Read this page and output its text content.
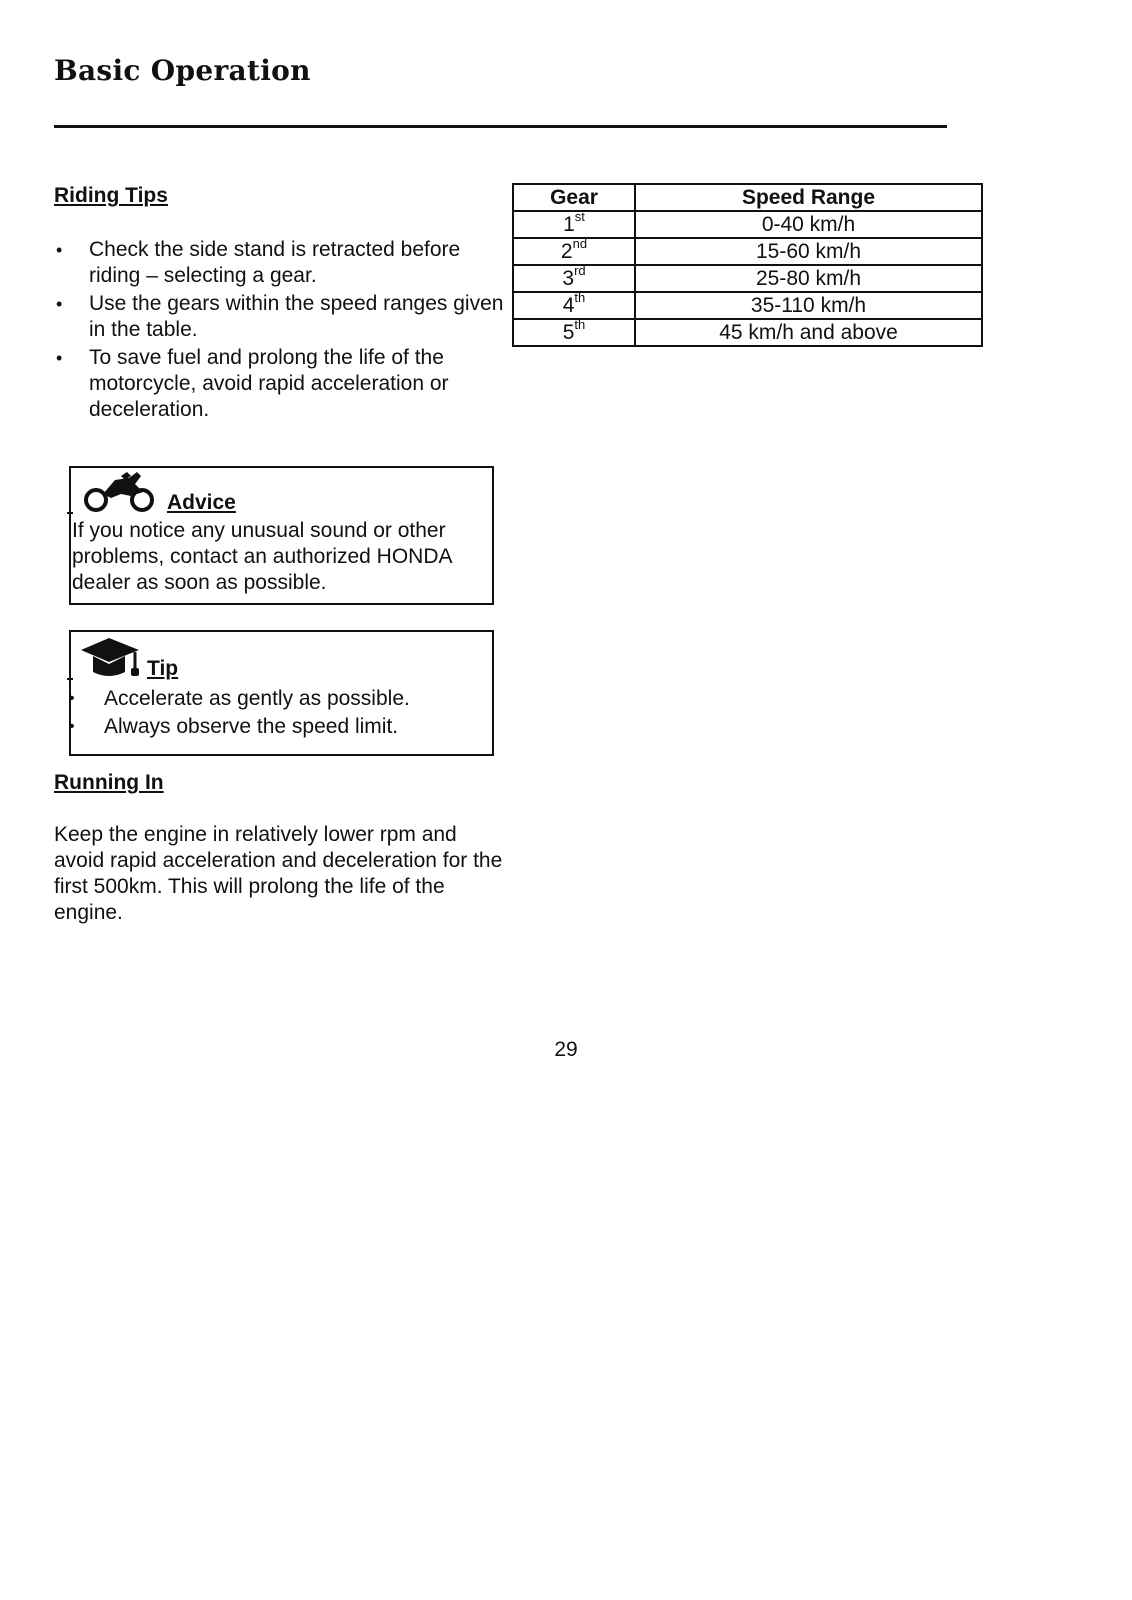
Basic Operation

Riding Tips

• Check the side stand is retracted before riding – selecting a gear.
• Use the gears within the speed ranges given in the table.
• To save fuel and prolong the life of the motorcycle, avoid rapid acceleration or deceleration.
Advice
If you notice any unusual sound or other problems, contact an authorized HONDA dealer as soon as possible.
Tip
• Accelerate as gently as possible.
• Always observe the speed limit.

Running In

Keep the engine in relatively lower rpm and avoid rapid acceleration and deceleration for the first 500km. This will prolong the life of the engine.

Gear	Speed Range
1st	0-40 km/h
2nd	15-60 km/h
3rd	25-80 km/h
4th	35-110 km/h
5th	45 km/h and above
29
